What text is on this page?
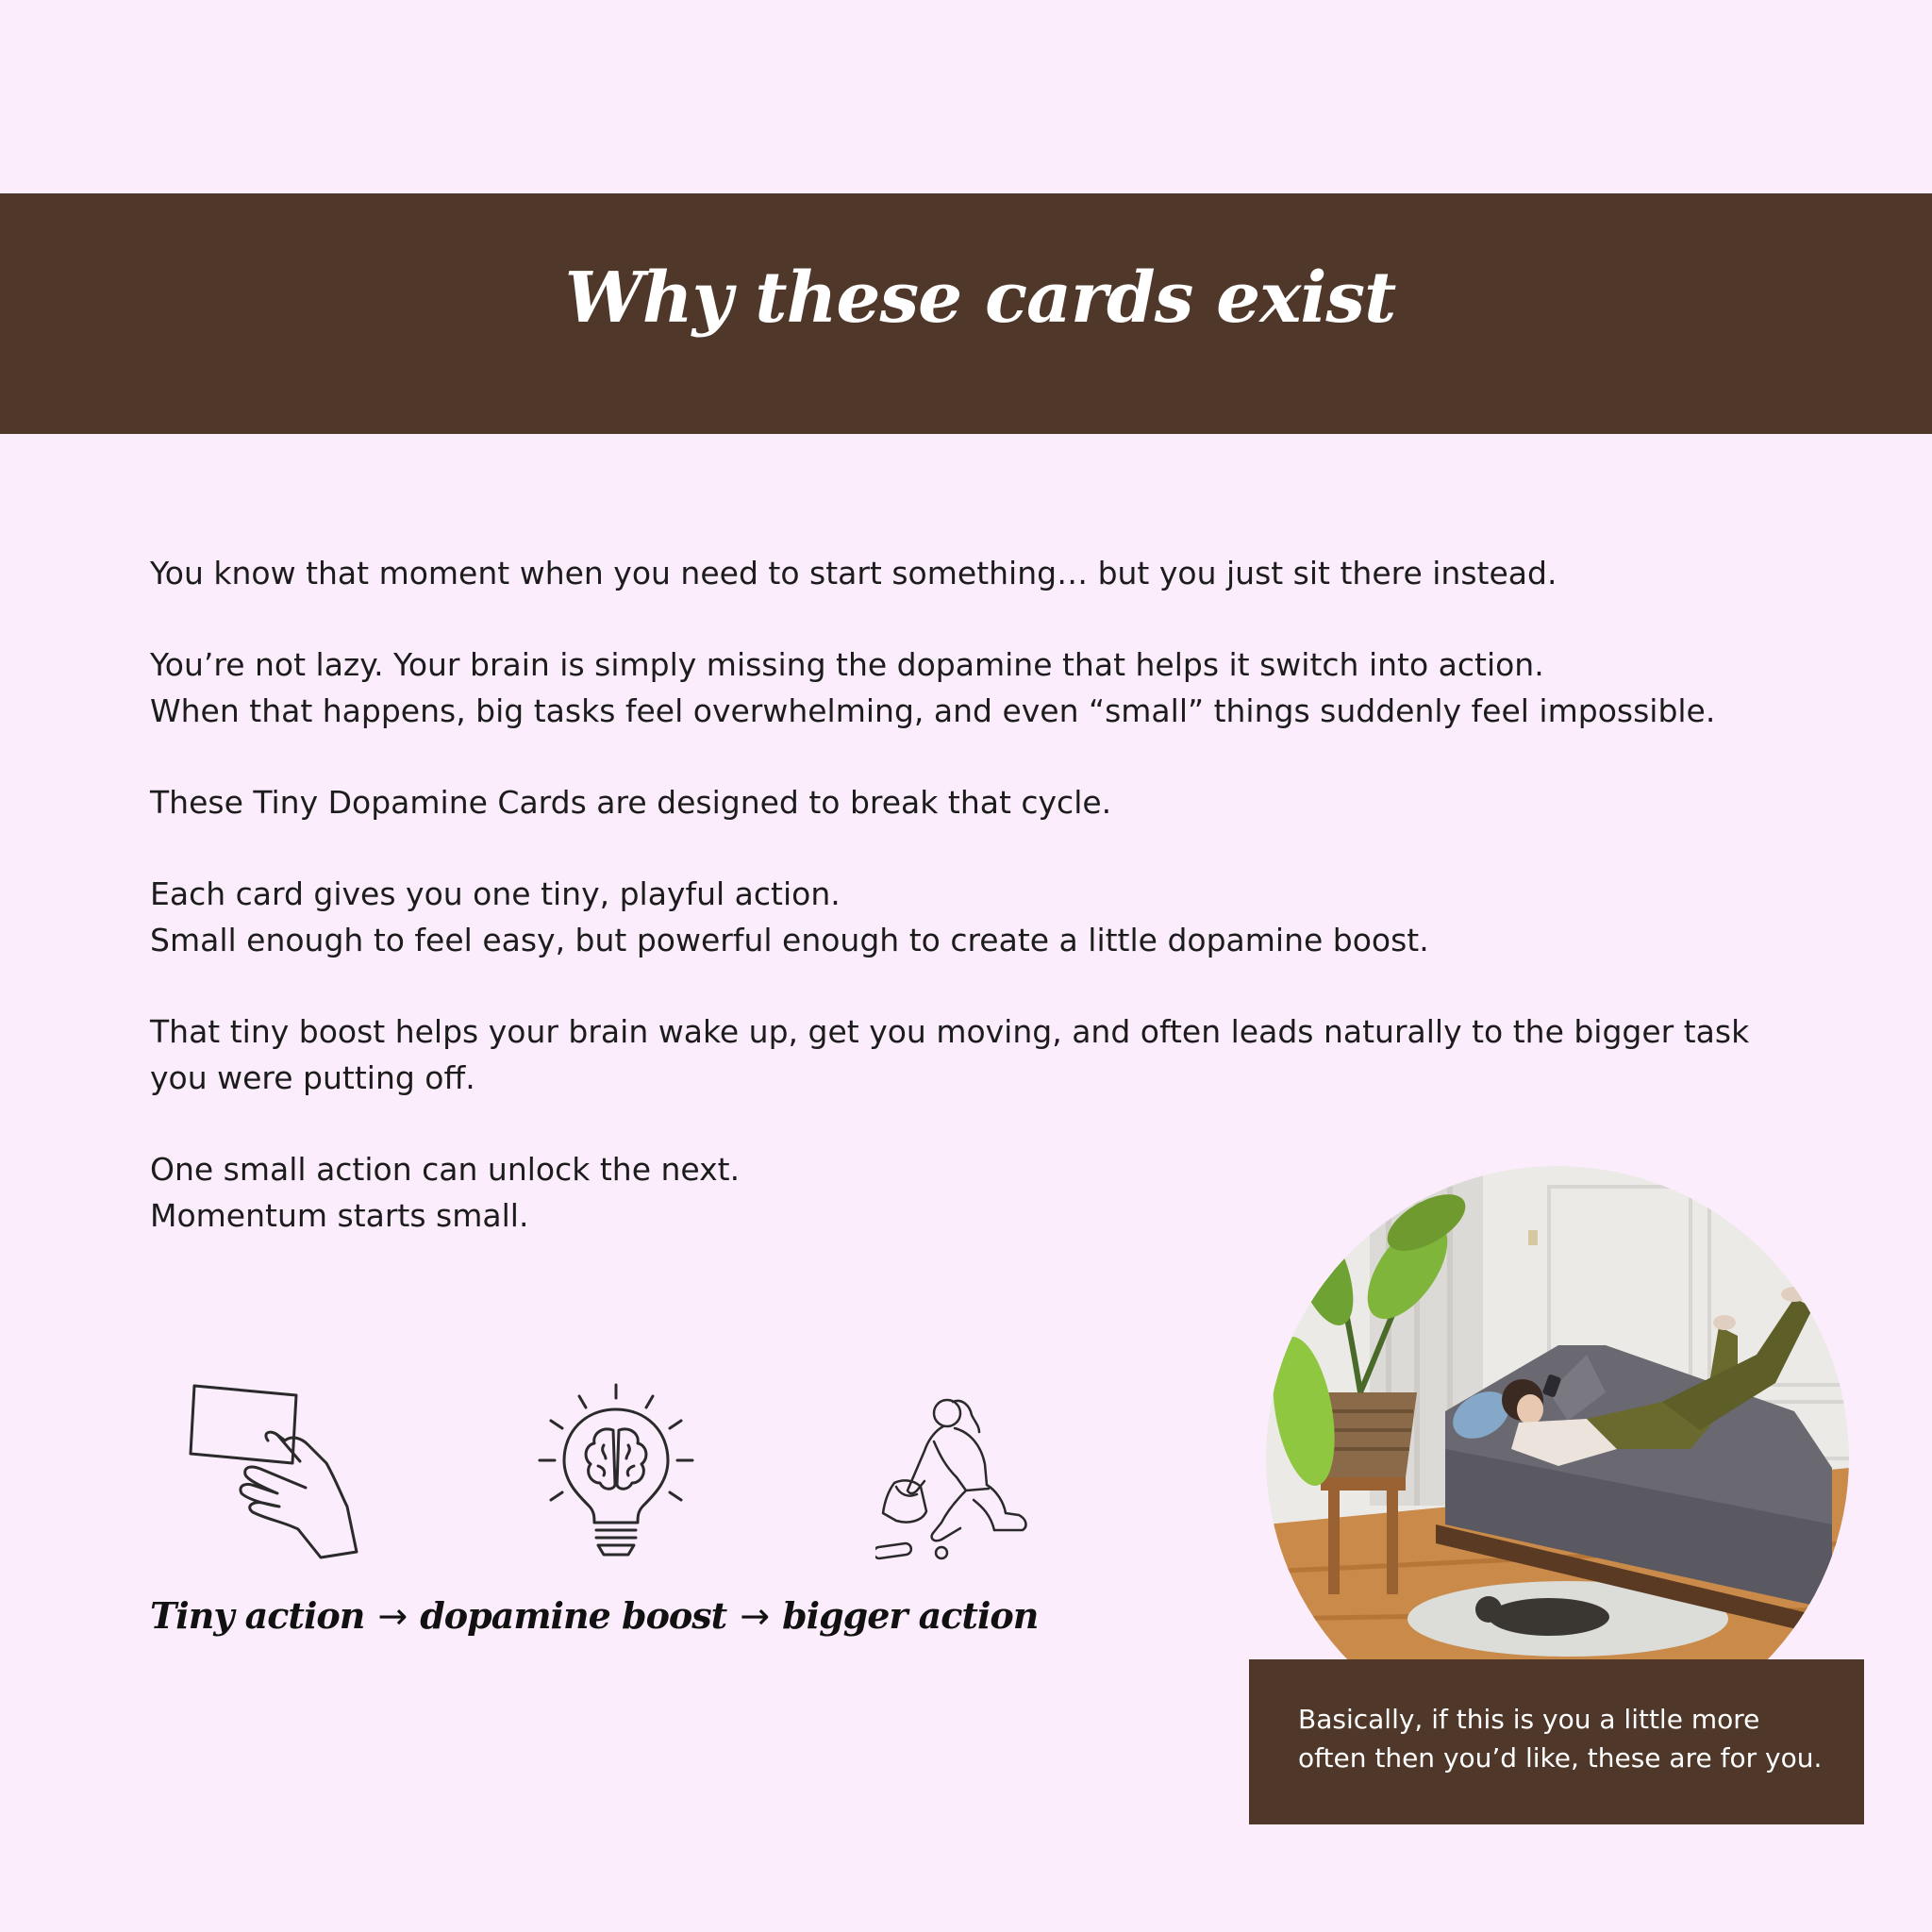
Why these cards exist

You know that moment when you need to start something… but you just sit there instead.

You’re not lazy. Your brain is simply missing the dopamine that helps it switch into action.
When that happens, big tasks feel overwhelming, and even “small” things suddenly feel impossible.

These Tiny Dopamine Cards are designed to break that cycle.

Each card gives you one tiny, playful action.
Small enough to feel easy, but powerful enough to create a little dopamine boost.

That tiny boost helps your brain wake up, get you moving, and often leads naturally to the bigger task you were putting off.

One small action can unlock the next.
Momentum starts small.

Tiny action → dopamine boost → bigger action
Basically, if this is you a little more often then you’d like, these are for you.
